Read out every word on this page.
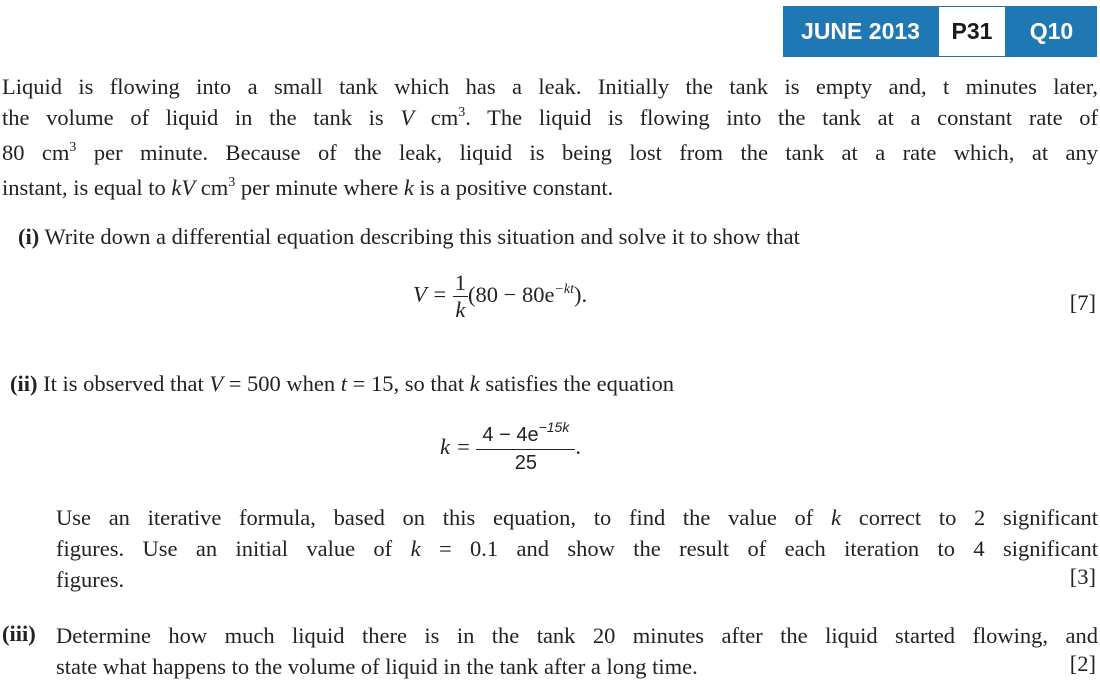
JUNE 2013	P31	Q10
Liquid is flowing into a small tank which has a leak. Initially the tank is empty and, t minutes later,
the volume of liquid in the tank is V $cm^3$. The liquid is flowing into the tank at a constant rate of
80 $cm^3$ per minute. Because of the leak, liquid is being lost from the tank at a rate which, at any
instant, is equal to kV $cm^3$ per minute where k is a positive constant.
(i) Write down a differential equation describing this situation and solve it to show that
$V = \frac{1}{k} (80 - 80e^{-kt})$.	[7]
(ii) It is observed that V = 500 when t = 15, so that k satisfies the equation
$k = \frac{4 - 4e^{-15k}}{25}$ .
Use an iterative formula, based on this equation, to find the value of k correct to 2 significant
figures. Use an initial value of k = 0.1 and show the result of each iteration to 4 significant
figures.	[3]
(iii) Determine how much liquid there is in the tank 20 minutes after the liquid started flowing, and
state what happens to the volume of liquid in the tank after a long time.	[2]
